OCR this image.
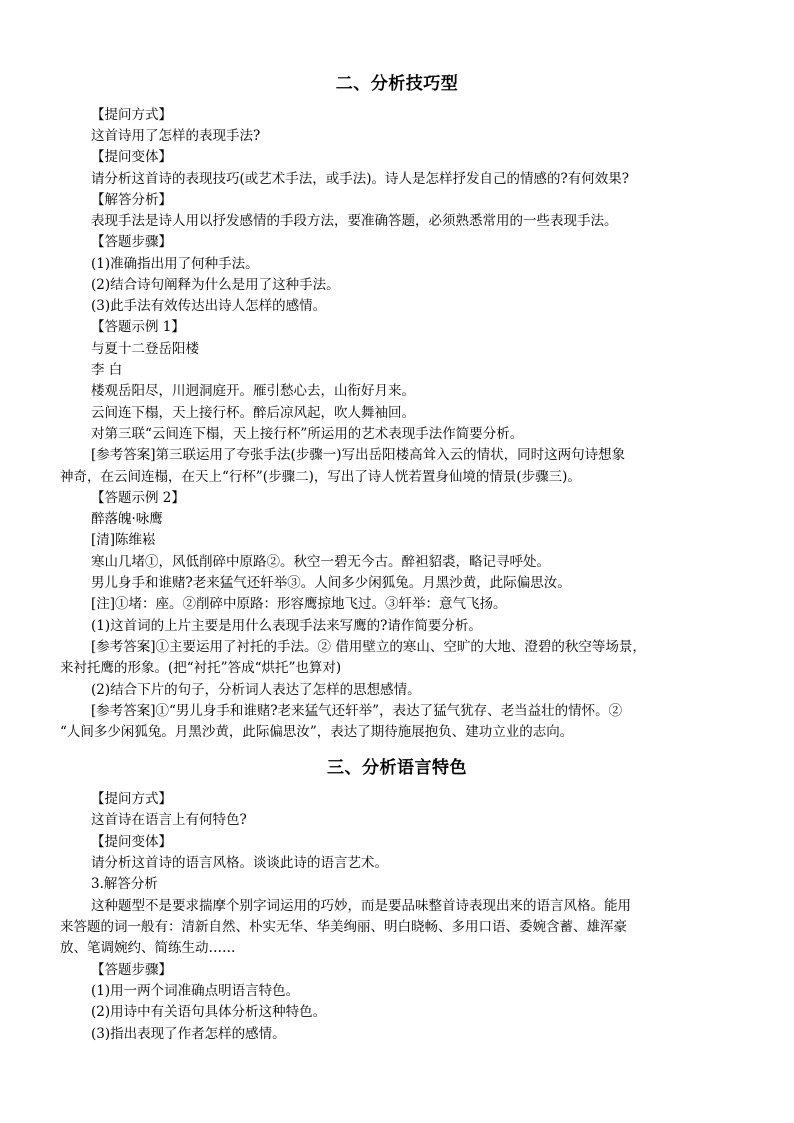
二、分析技巧型
【提问方式】
这首诗用了怎样的表现手法?
【提问变体】
请分析这首诗的表现技巧(或艺术手法，或手法)。诗人是怎样抒发自己的情感的?有何效果?
【解答分析】
表现手法是诗人用以抒发感情的手段方法，要准确答题，必须熟悉常用的一些表现手法。
【答题步骤】
(1)准确指出用了何种手法。
(2)结合诗句阐释为什么是用了这种手法。
(3)此手法有效传达出诗人怎样的感情。
【答题示例 1】
与夏十二登岳阳楼
李 白
楼观岳阳尽，川迥洞庭开。雁引愁心去，山衔好月来。
云间连下榻，天上接行杯。醉后凉风起，吹人舞袖回。
对第三联“云间连下榻，天上接行杯”所运用的艺术表现手法作简要分析。
[参考答案]第三联运用了夸张手法(步骤一)写出岳阳楼高耸入云的情状，同时这两句诗想象
神奇，在云间连榻，在天上“行杯”(步骤二)，写出了诗人恍若置身仙境的情景(步骤三)。
【答题示例 2】
醉落魄·咏鹰
[清]陈维崧
寒山几堵①，风低削碎中原路②。秋空一碧无今古。醉袒貂裘，略记寻呼处。
男儿身手和谁赌?老来猛气还轩举③。人间多少闲狐兔。月黑沙黄，此际偏思汝。
[注]①堵：座。②削碎中原路：形容鹰掠地飞过。③轩举：意气飞扬。
(1)这首词的上片主要是用什么表现手法来写鹰的?请作简要分析。
[参考答案]①主要运用了衬托的手法。② 借用壁立的寒山、空旷的大地、澄碧的秋空等场景，
来衬托鹰的形象。(把“衬托”答成“烘托”也算对)
(2)结合下片的句子，分析词人表达了怎样的思想感情。
[参考答案]①“男儿身手和谁赌?老来猛气还轩举”，表达了猛气犹存、老当益壮的情怀。②
“人间多少闲狐兔。月黑沙黄，此际偏思汝”，表达了期待施展抱负、建功立业的志向。
三、分析语言特色
【提问方式】
这首诗在语言上有何特色?
【提问变体】
请分析这首诗的语言风格。谈谈此诗的语言艺术。
3.解答分析
这种题型不是要求揣摩个别字词运用的巧妙，而是要品味整首诗表现出来的语言风格。能用
来答题的词一般有：清新自然、朴实无华、华美绚丽、明白晓畅、多用口语、委婉含蓄、雄浑豪
放、笔调婉约、简练生动……
【答题步骤】
(1)用一两个词准确点明语言特色。
(2)用诗中有关语句具体分析这种特色。
(3)指出表现了作者怎样的感情。
